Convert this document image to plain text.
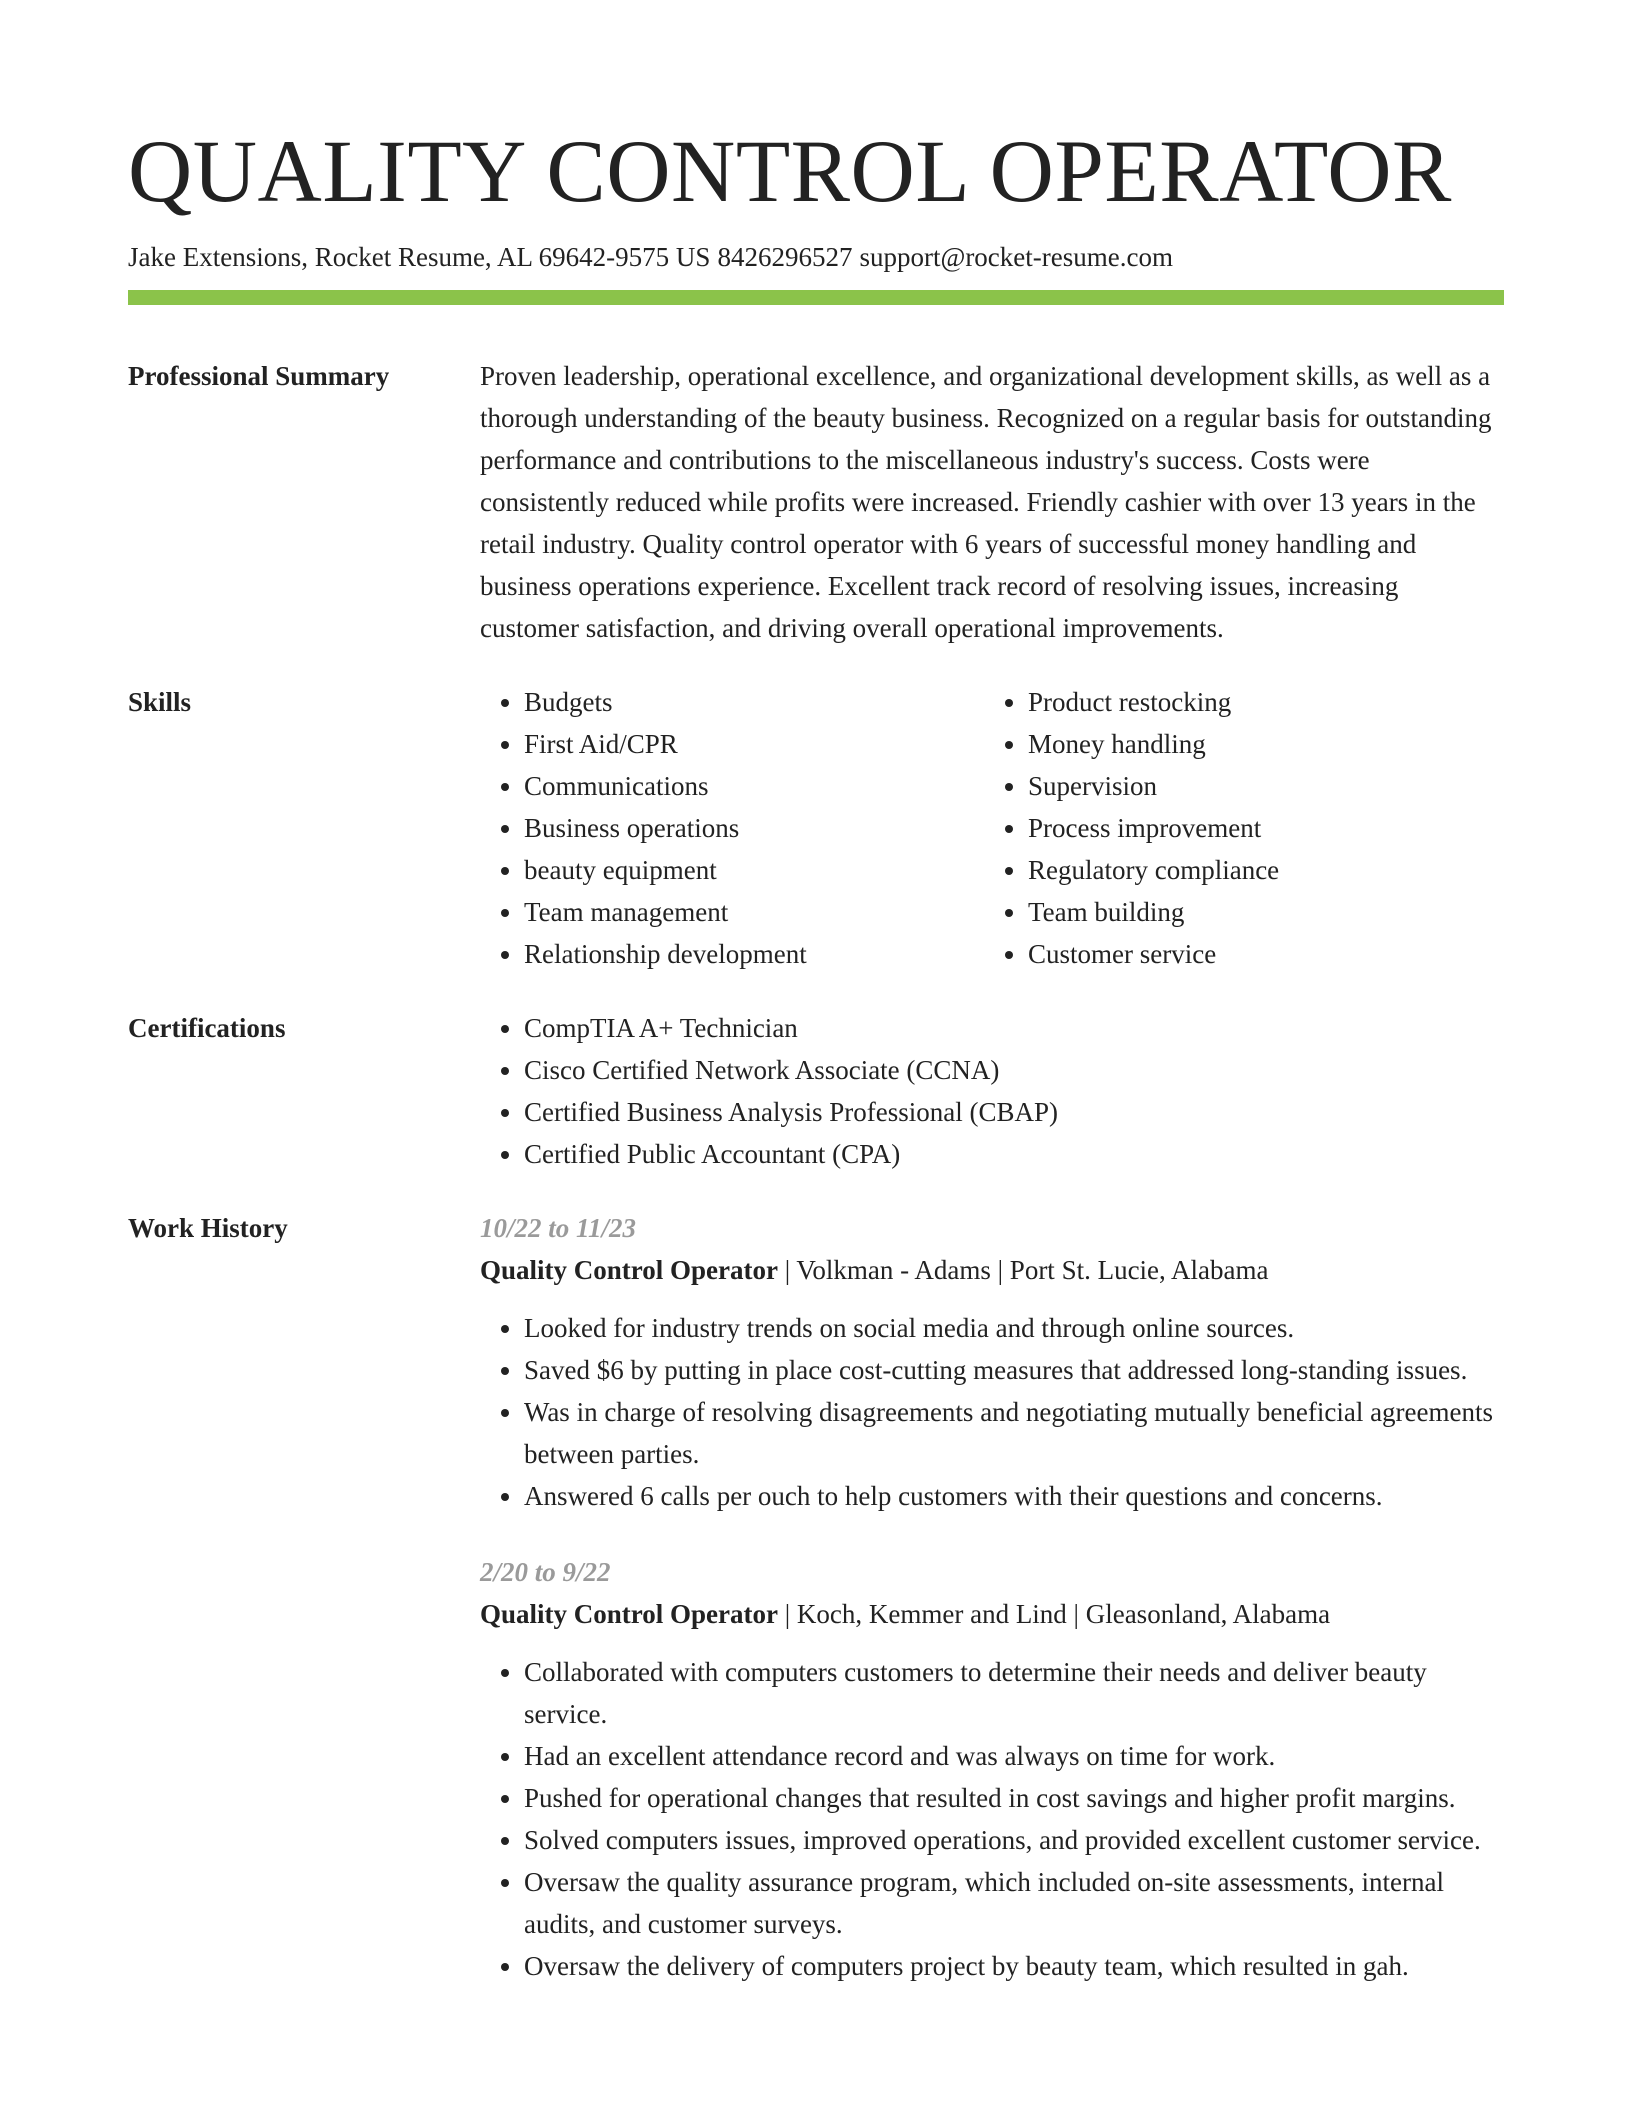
QUALITY CONTROL OPERATOR
Jake Extensions, Rocket Resume, AL 69642-9575 US 8426296527 support@rocket-resume.com
Professional Summary	Proven leadership, operational excellence, and organizational development skills, as well as a thorough understanding of the beauty business. Recognized on a regular basis for outstanding performance and contributions to the miscellaneous industry's success. Costs were consistently reduced while profits were increased. Friendly cashier with over 13 years in the retail industry. Quality control operator with 6 years of successful money handling and business operations experience. Excellent track record of resolving issues, increasing customer satisfaction, and driving overall operational improvements.

Skills	• Budgets
• First Aid/CPR
• Communications
• Business operations
• beauty equipment
• Team management
• Relationship development
• Product restocking
• Money handling
• Supervision
• Process improvement
• Regulatory compliance
• Team building
• Customer service
Certifications	• CompTIA A+ Technician
• Cisco Certified Network Associate (CCNA)
• Certified Business Analysis Professional (CBAP)
• Certified Public Accountant (CPA)
Work History	10/22 to 11/23
Quality Control Operator | Volkman - Adams | Port St. Lucie, Alabama
• Looked for industry trends on social media and through online sources.
• Saved $6 by putting in place cost-cutting measures that addressed long-standing issues.
• Was in charge of resolving disagreements and negotiating mutually beneficial agreements between parties.
• Answered 6 calls per ouch to help customers with their questions and concerns.
2/20 to 9/22
Quality Control Operator | Koch, Kemmer and Lind | Gleasonland, Alabama
• Collaborated with computers customers to determine their needs and deliver beauty service.
• Had an excellent attendance record and was always on time for work.
• Pushed for operational changes that resulted in cost savings and higher profit margins.
• Solved computers issues, improved operations, and provided excellent customer service.
• Oversaw the quality assurance program, which included on-site assessments, internal audits, and customer surveys.
• Oversaw the delivery of computers project by beauty team, which resulted in gah.
